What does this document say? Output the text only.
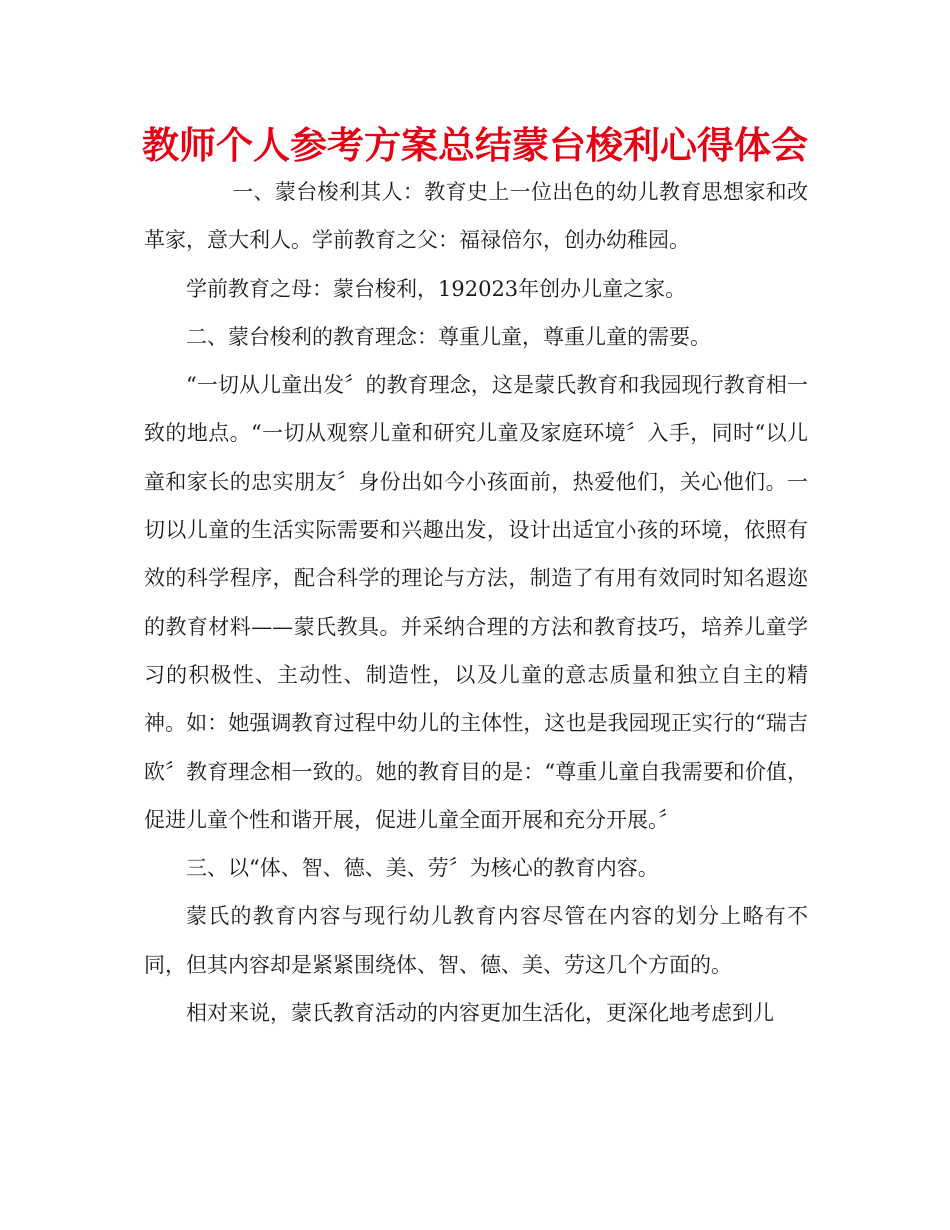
教师个人参考方案总结蒙台梭利心得体会

一、蒙台梭利其人：教育史上一位出色的幼儿教育思想家和改革家，意大利人。学前教育之父：福禄倍尔，创办幼稚园。

学前教育之母：蒙台梭利，192023年创办儿童之家。

二、蒙台梭利的教育理念：尊重儿童，尊重儿童的需要。

“一切从儿童出发〞的教育理念，这是蒙氏教育和我园现行教育相一致的地点。“一切从观察儿童和研究儿童及家庭环境〞入手，同时“以儿童和家长的忠实朋友〞身份出如今小孩面前，热爱他们，关心他们。一切以儿童的生活实际需要和兴趣出发，设计出适宜小孩的环境，依照有效的科学程序，配合科学的理论与方法，制造了有用有效同时知名遐迩的教育材料——蒙氏教具。并采纳合理的方法和教育技巧，培养儿童学习的积极性、主动性、制造性，以及儿童的意志质量和独立自主的精神。如：她强调教育过程中幼儿的主体性，这也是我园现正实行的“瑞吉欧〞教育理念相一致的。她的教育目的是：“尊重儿童自我需要和价值，促进儿童个性和谐开展，促进儿童全面开展和充分开展。〞

三、以“体、智、德、美、劳〞为核心的教育内容。

蒙氏的教育内容与现行幼儿教育内容尽管在内容的划分上略有不同，但其内容却是紧紧围绕体、智、德、美、劳这几个方面的。

相对来说，蒙氏教育活动的内容更加生活化，更深化地考虑到儿
